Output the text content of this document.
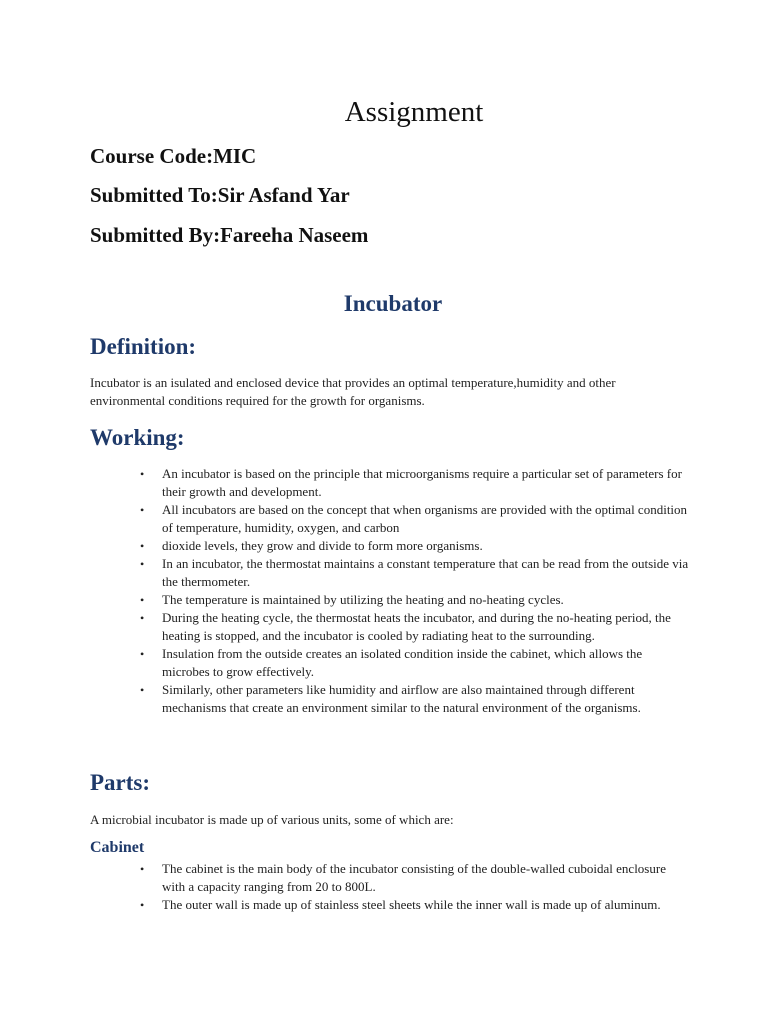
Assignment

Course Code:MIC

Submitted To:Sir Asfand Yar

Submitted By:Fareeha Naseem

Incubator
Definition:

Incubator is an isulated and enclosed device that provides an optimal temperature,humidity and other environmental conditions required for the growth for organisms.

Working:
• An incubator is based on the principle that microorganisms require a particular set of parameters for their growth and development.
• All incubators are based on the concept that when organisms are provided with the optimal condition of temperature, humidity, oxygen, and carbon
• dioxide levels, they grow and divide to form more organisms.
• In an incubator, the thermostat maintains a constant temperature that can be read from the outside via the thermometer.
• The temperature is maintained by utilizing the heating and no-heating cycles.
• During the heating cycle, the thermostat heats the incubator, and during the no-heating period, the heating is stopped, and the incubator is cooled by radiating heat to the surrounding.
• Insulation from the outside creates an isolated condition inside the cabinet, which allows the microbes to grow effectively.
• Similarly, other parameters like humidity and airflow are also maintained through different mechanisms that create an environment similar to the natural environment of the organisms.
Parts:

A microbial incubator is made up of various units, some of which are:

Cabinet
• The cabinet is the main body of the incubator consisting of the double-walled cuboidal enclosure with a capacity ranging from 20 to 800L.
• The outer wall is made up of stainless steel sheets while the inner wall is made up of aluminum.
